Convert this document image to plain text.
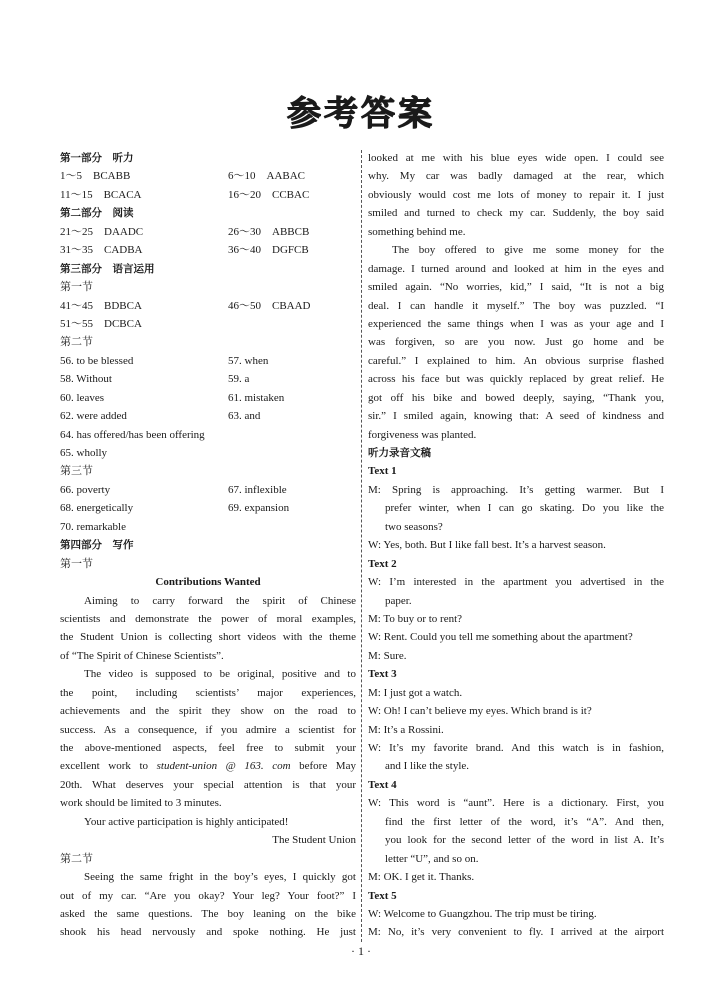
参考答案
第一部分　听力
1～5　BCABB	6～10　AABAC
11～15　BCACA	16～20　CCBAC
第二部分　阅读
21～25　DAADC	26～30　ABBCB
31～35　CADBA	36～40　DGFCB
第三部分　语言运用
第一节
41～45　BDBCA	46～50　CBAAD
51～55　DCBCA
第二节
56. to be blessed	57. when
58. Without	59. a
60. leaves	61. mistaken
62. were added	63. and
64. has offered/has been offering
65. wholly
第三节
66. poverty	67. inflexible
68. energetically	69. expansion
70. remarkable
第四部分　写作
第一节
Contributions Wanted
Aiming to carry forward the spirit of Chinese
scientists and demonstrate the power of moral examples,
the Student Union is collecting short videos with the theme
of “The Spirit of Chinese Scientists”.
The video is supposed to be original, positive and to
the point, including scientists’ major experiences,
achievements and the spirit they show on the road to
success. As a consequence, if you admire a scientist for
the above-mentioned aspects, feel free to submit your
excellent work to student-union @ 163. com before May
20th. What deserves your special attention is that your
work should be limited to 3 minutes.
Your active participation is highly anticipated!
The Student Union
第二节
Seeing the same fright in the boy’s eyes, I quickly got
out of my car. “Are you okay? Your leg? Your foot?” I
asked the same questions. The boy leaning on the bike
shook his head nervously and spoke nothing. He just
looked at me with his blue eyes wide open. I could see
why. My car was badly damaged at the rear, which
obviously would cost me lots of money to repair it. I just
smiled and turned to check my car. Suddenly, the boy said
something behind me.
The boy offered to give me some money for the
damage. I turned around and looked at him in the eyes and
smiled again. “No worries, kid,” I said, “It is not a big
deal. I can handle it myself.” The boy was puzzled. “I
experienced the same things when I was as your age and I
was forgiven, so are you now. Just go home and be
careful.” I explained to him. An obvious surprise flashed
across his face but was quickly replaced by great relief. He
got off his bike and bowed deeply, saying, “Thank you,
sir.” I smiled again, knowing that: A seed of kindness and
forgiveness was planted.
听力录音文稿
Text 1
M: Spring is approaching. It’s getting warmer. But I
prefer winter, when I can go skating. Do you like the
two seasons?
W: Yes, both. But I like fall best. It’s a harvest season.
Text 2
W: I’m interested in the apartment you advertised in the
paper.
M: To buy or to rent?
W: Rent. Could you tell me something about the apartment?
M: Sure.
Text 3
M: I just got a watch.
W: Oh! I can’t believe my eyes. Which brand is it?
M: It’s a Rossini.
W: It’s my favorite brand. And this watch is in fashion,
and I like the style.
Text 4
W: This word is “aunt”. Here is a dictionary. First, you
find the first letter of the word, it’s “A”. And then,
you look for the second letter of the word in list A. It’s
letter “U”, and so on.
M: OK. I get it. Thanks.
Text 5
W: Welcome to Guangzhou. The trip must be tiring.
M: No, it’s very convenient to fly. I arrived at the airport
· 1 ·
